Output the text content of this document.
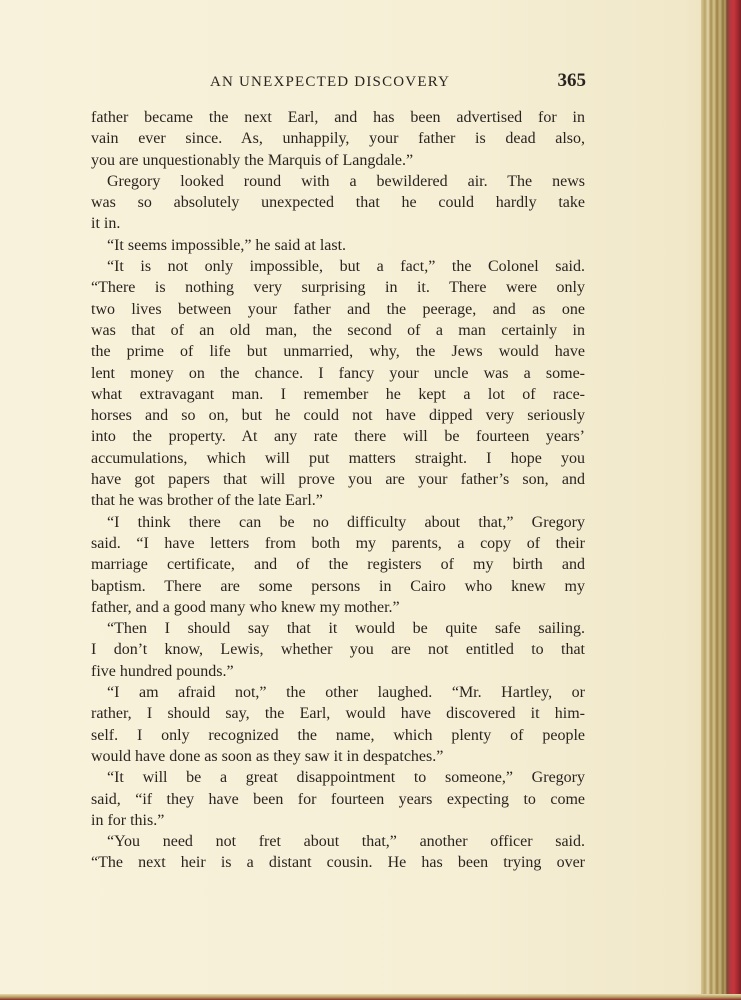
AN UNEXPECTED DISCOVERY	365
father became the next Earl, and has been advertised for in
vain ever since. As, unhappily, your father is dead also,
you are unquestionably the Marquis of Langdale.”
Gregory looked round with a bewildered air. The news
was so absolutely unexpected that he could hardly take
it in.
“It seems impossible,” he said at last.
“It is not only impossible, but a fact,” the Colonel said.
“There is nothing very surprising in it. There were only
two lives between your father and the peerage, and as one
was that of an old man, the second of a man certainly in
the prime of life but unmarried, why, the Jews would have
lent money on the chance. I fancy your uncle was a some-
what extravagant man. I remember he kept a lot of race-
horses and so on, but he could not have dipped very seriously
into the property. At any rate there will be fourteen years’
accumulations, which will put matters straight. I hope you
have got papers that will prove you are your father’s son, and
that he was brother of the late Earl.”
“I think there can be no difficulty about that,” Gregory
said. “I have letters from both my parents, a copy of their
marriage certificate, and of the registers of my birth and
baptism. There are some persons in Cairo who knew my
father, and a good many who knew my mother.”
“Then I should say that it would be quite safe sailing.
I don’t know, Lewis, whether you are not entitled to that
five hundred pounds.”
“I am afraid not,” the other laughed. “Mr. Hartley, or
rather, I should say, the Earl, would have discovered it him-
self. I only recognized the name, which plenty of people
would have done as soon as they saw it in despatches.”
“It will be a great disappointment to someone,” Gregory
said, “if they have been for fourteen years expecting to come
in for this.”
“You need not fret about that,” another officer said.
“The next heir is a distant cousin. He has been trying over
